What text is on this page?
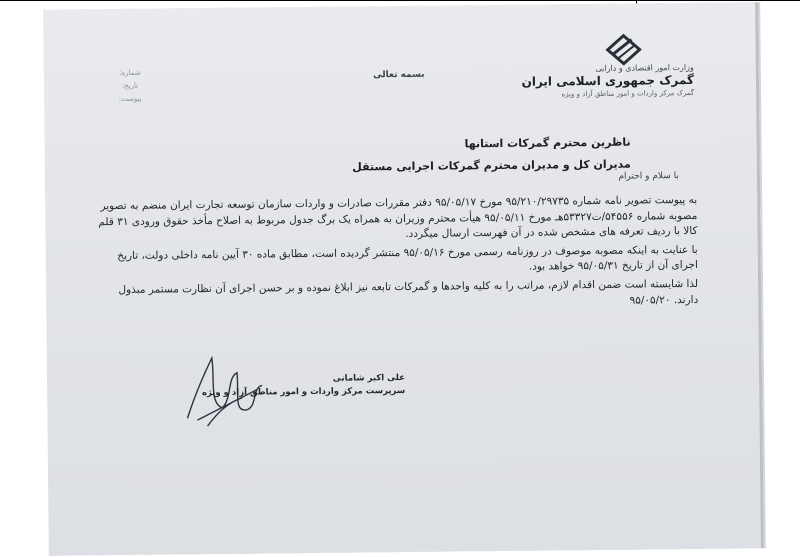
وزارت امور اقتصادی و دارایی
گمرک جمهوری اسلامی ایران
گمرک مرکز واردات و امور مناطق آزاد و ویژه
شماره:
تاریخ:
پیوست:
بسمه تعالی
ناظرین محترم گمرکات استانها
مدیران کل و مدیران محترم گمرکات اجرایی مستقل
با سلام و احترام

به پیوست تصویر نامه شماره ۹۵/۲۱۰/۲۹۷۳۵ مورخ ۹۵/۰۵/۱۷ دفتر مقررات صادرات و واردات سازمان توسعه تجارت ایران منضم به تصویر مصوبه شماره ۵۴۵۵۶/ت۵۳۳۲۷هـ مورخ ۹۵/۰۵/۱۱ هیأت محترم وزیران به همراه یک برگ جدول مربوط به اصلاح مأخذ حقوق ورودی ۳۱ قلم کالا با ردیف تعرفه های مشخص شده در آن فهرست ارسال میگردد.

با عنایت به اینکه مصوبه موصوف در روزنامه رسمی مورخ ۹۵/۰۵/۱۶ منتشر گردیده است، مطابق ماده ۳۰ آیین نامه داخلی دولت، تاریخ اجرای آن از تاریخ ۹۵/۰۵/۳۱ خواهد بود.

لذا شایسته است ضمن اقدام لازم، مراتب را به کلیه واحدها و گمرکات تابعه نیز ابلاغ نموده و بر حسن اجرای آن نظارت مستمر مبذول دارند. ۹۵/۰۵/۲۰

علی اکبر شامانی
سرپرست مرکز واردات و امور مناطق آزاد و ویژه
